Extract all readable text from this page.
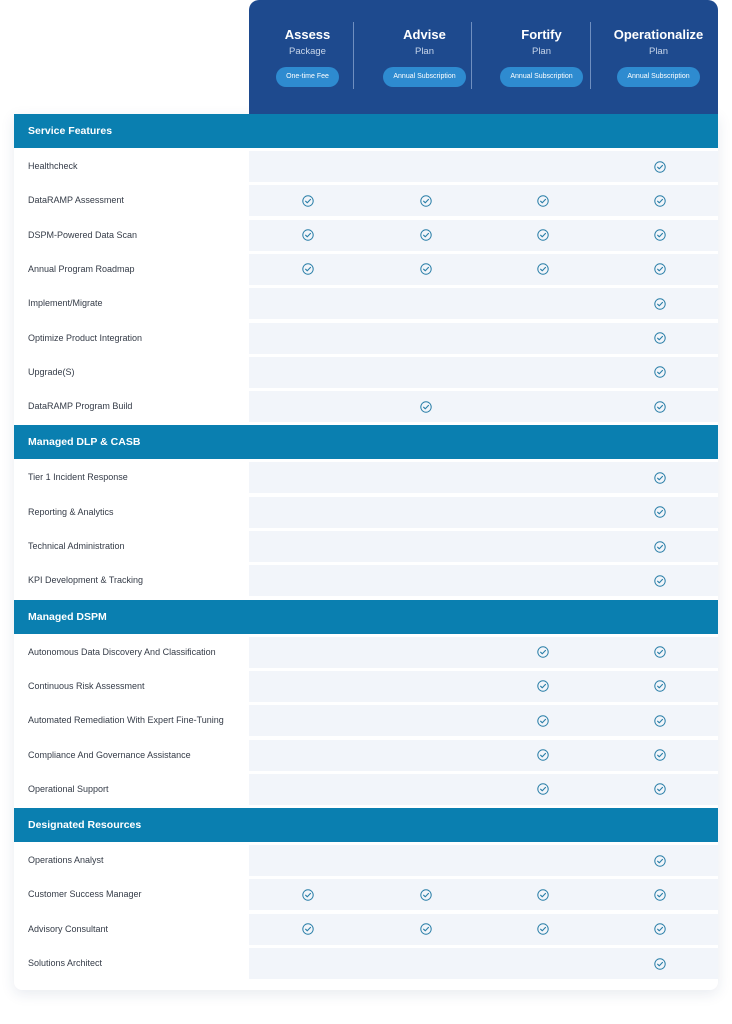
Assess
Package
One-time Fee
Advise
Plan
Annual Subscription
Fortify
Plan
Annual Subscription
Operationalize
Plan
Annual Subscription
Service Features
Healthcheck
DataRAMP Assessment
DSPM-Powered Data Scan
Annual Program Roadmap
Implement/Migrate
Optimize Product Integration
Upgrade(S)
DataRAMP Program Build
Managed DLP & CASB
Tier 1 Incident Response
Reporting & Analytics
Technical Administration
KPI Development & Tracking
Managed DSPM
Autonomous Data Discovery And Classification
Continuous Risk Assessment
Automated Remediation With Expert Fine-Tuning
Compliance And Governance Assistance
Operational Support
Designated Resources
Operations Analyst
Customer Success Manager
Advisory Consultant
Solutions Architect
